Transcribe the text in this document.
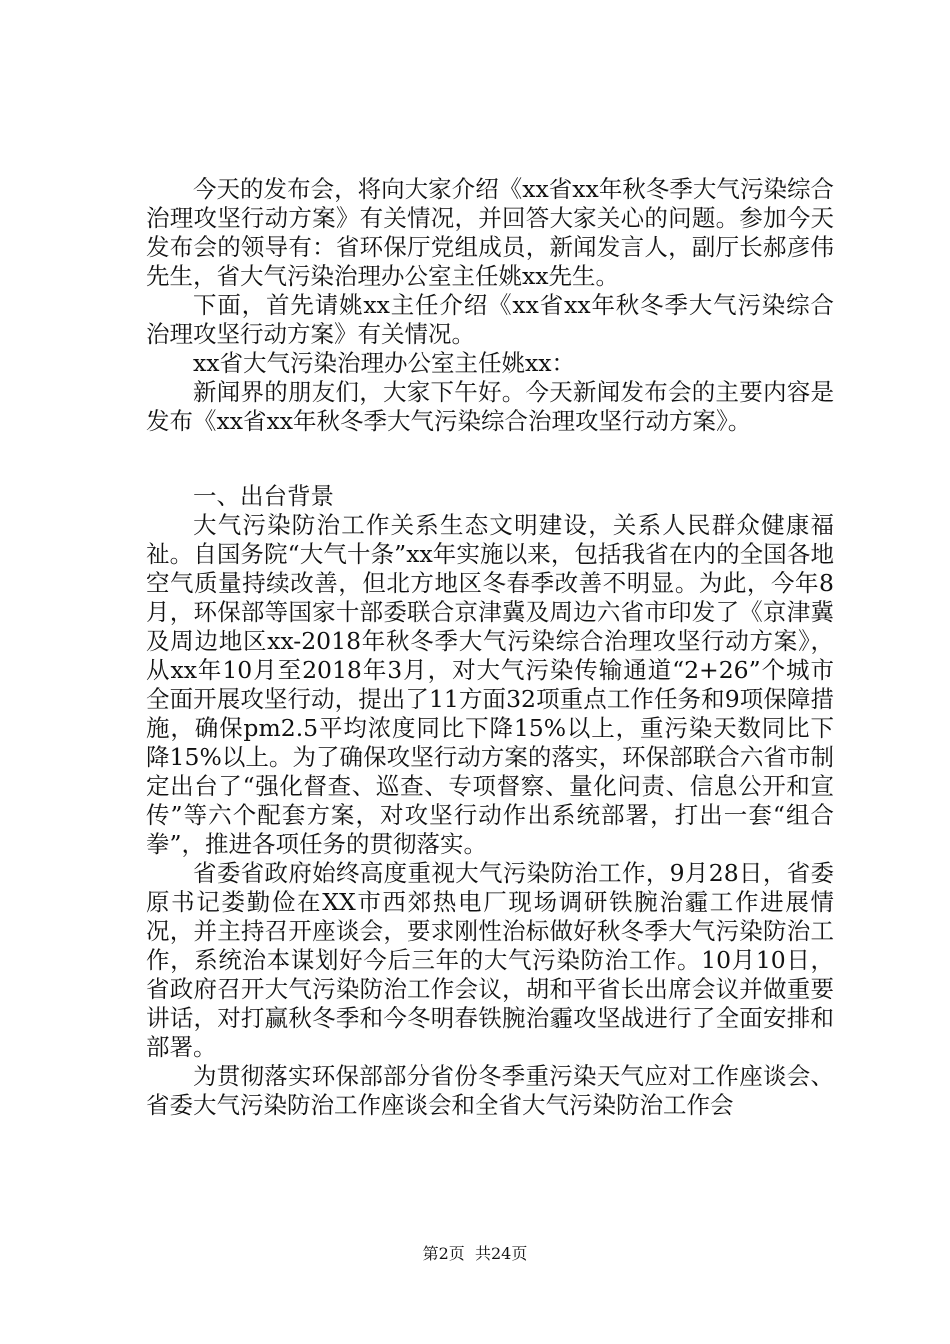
今天的发布会，将向大家介绍《xx省xx年秋冬季大气污染综合治理攻坚行动方案》有关情况，并回答大家关心的问题。参加今天发布会的领导有：省环保厅党组成员，新闻发言人，副厅长郝彦伟先生，省大气污染治理办公室主任姚xx先生。

下面，首先请姚xx主任介绍《xx省xx年秋冬季大气污染综合治理攻坚行动方案》有关情况。

xx省大气污染治理办公室主任姚xx：

新闻界的朋友们，大家下午好。今天新闻发布会的主要内容是发布《xx省xx年秋冬季大气污染综合治理攻坚行动方案》。

一、出台背景

大气污染防治工作关系生态文明建设，关系人民群众健康福祉。自国务院“大气十条”xx年实施以来，包括我省在内的全国各地空气质量持续改善，但北方地区冬春季改善不明显。为此，今年8月，环保部等国家十部委联合京津冀及周边六省市印发了《京津冀及周边地区xx-2018年秋冬季大气污染综合治理攻坚行动方案》，从xx年10月至2018年3月，对大气污染传输通道“2+26”个城市全面开展攻坚行动，提出了11方面32项重点工作任务和9项保障措施，确保pm2.5平均浓度同比下降15%以上，重污染天数同比下降15%以上。为了确保攻坚行动方案的落实，环保部联合六省市制定出台了“强化督查、巡查、专项督察、量化问责、信息公开和宣传”等六个配套方案，对攻坚行动作出系统部署，打出一套“组合拳”，推进各项任务的贯彻落实。

省委省政府始终高度重视大气污染防治工作，9月28日，省委原书记娄勤俭在XX市西郊热电厂现场调研铁腕治霾工作进展情况，并主持召开座谈会，要求刚性治标做好秋冬季大气污染防治工作，系统治本谋划好今后三年的大气污染防治工作。10月10日，省政府召开大气污染防治工作会议，胡和平省长出席会议并做重要讲话，对打赢秋冬季和今冬明春铁腕治霾攻坚战进行了全面安排和部署。

为贯彻落实环保部部分省份冬季重污染天气应对工作座谈会、省委大气污染防治工作座谈会和全省大气污染防治工作会

第2页 共24页
